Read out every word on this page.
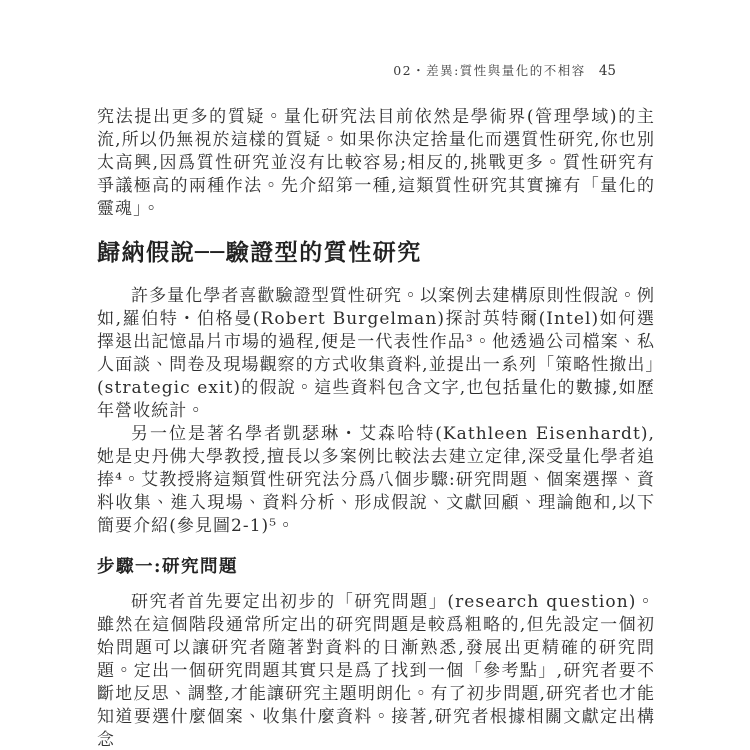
02・差異:質性與量化的不相容 45

究法提出更多的質疑。量化研究法目前依然是學術界(管理學域)的主流,所以仍無視於這樣的質疑。如果你決定捨量化而選質性研究,你也別太高興,因爲質性研究並沒有比較容易;相反的,挑戰更多。質性研究有爭議極高的兩種作法。先介紹第一種,這類質性研究其實擁有「量化的靈魂」。

歸納假說──驗證型的質性研究

許多量化學者喜歡驗證型質性研究。以案例去建構原則性假說。例如,羅伯特・伯格曼(Robert Burgelman)探討英特爾(Intel)如何選擇退出記憶晶片市場的過程,便是一代表性作品³。他透過公司檔案、私人面談、問卷及現場觀察的方式收集資料,並提出一系列「策略性撤出」(strategic exit)的假說。這些資料包含文字,也包括量化的數據,如歷年營收統計。

另一位是著名學者凱瑟琳・艾森哈特(Kathleen Eisenhardt),她是史丹佛大學教授,擅長以多案例比較法去建立定律,深受量化學者追捧⁴。艾教授將這類質性研究法分爲八個步驟:研究問題、個案選擇、資料收集、進入現場、資料分析、形成假說、文獻回顧、理論飽和,以下簡要介紹(參見圖2-1)⁵。

步驟一:研究問題

研究者首先要定出初步的「研究問題」(research question)。雖然在這個階段通常所定出的研究問題是較爲粗略的,但先設定一個初始問題可以讓研究者隨著對資料的日漸熟悉,發展出更精確的研究問題。定出一個研究問題其實只是爲了找到一個「參考點」,研究者要不斷地反思、調整,才能讓研究主題明朗化。有了初步問題,研究者也才能知道要選什麼個案、收集什麼資料。接著,研究者根據相關文獻定出構念
